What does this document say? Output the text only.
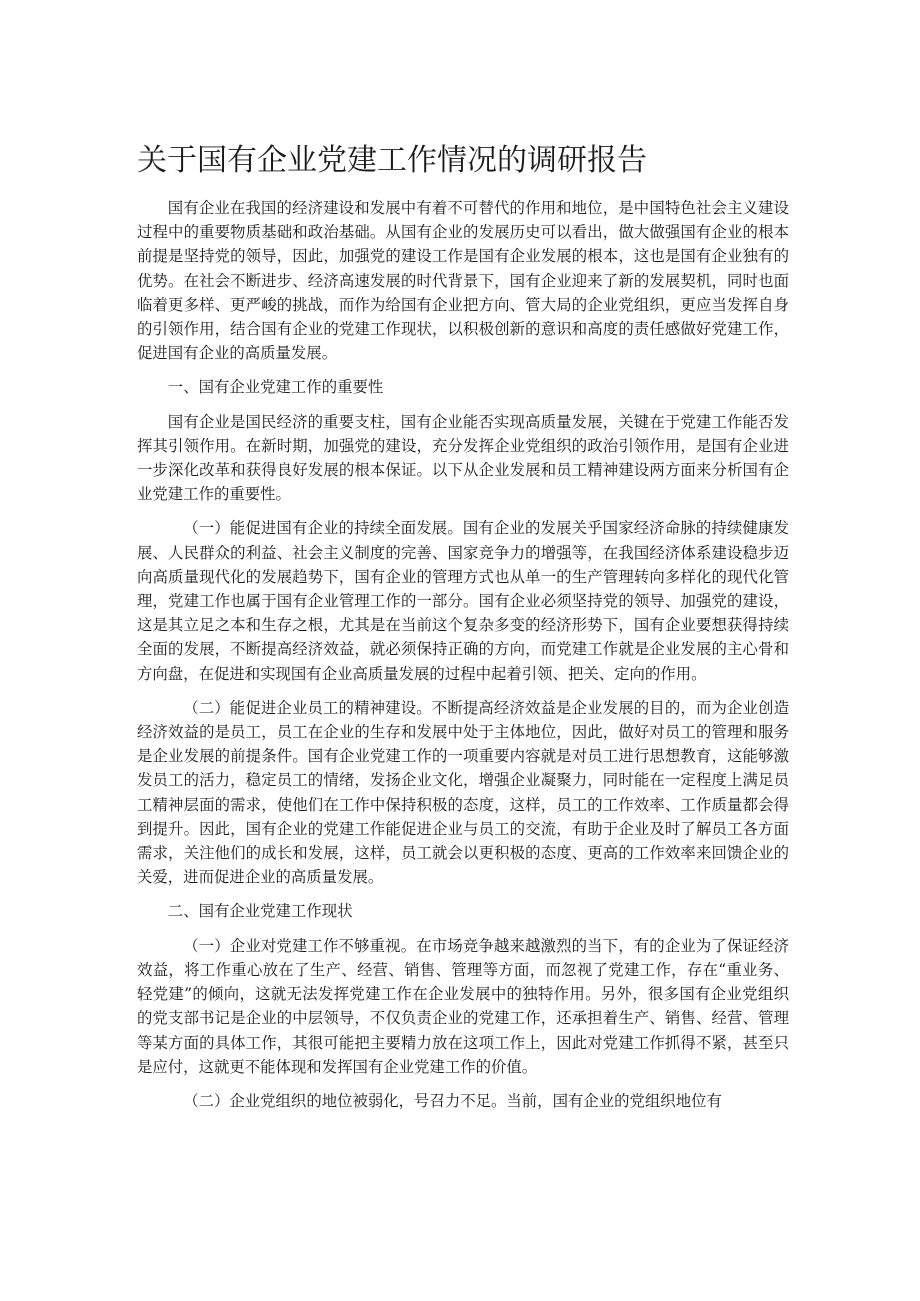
关于国有企业党建工作情况的调研报告

国有企业在我国的经济建设和发展中有着不可替代的作用和地位，是中国特色社会主义建设过程中的重要物质基础和政治基础。从国有企业的发展历史可以看出，做大做强国有企业的根本前提是坚持党的领导，因此，加强党的建设工作是国有企业发展的根本，这也是国有企业独有的优势。在社会不断进步、经济高速发展的时代背景下，国有企业迎来了新的发展契机，同时也面临着更多样、更严峻的挑战，而作为给国有企业把方向、管大局的企业党组织，更应当发挥自身的引领作用，结合国有企业的党建工作现状，以积极创新的意识和高度的责任感做好党建工作，促进国有企业的高质量发展。

一、国有企业党建工作的重要性

国有企业是国民经济的重要支柱，国有企业能否实现高质量发展，关键在于党建工作能否发挥其引领作用。在新时期，加强党的建设，充分发挥企业党组织的政治引领作用，是国有企业进一步深化改革和获得良好发展的根本保证。以下从企业发展和员工精神建设两方面来分析国有企业党建工作的重要性。

（一）能促进国有企业的持续全面发展。国有企业的发展关乎国家经济命脉的持续健康发展、人民群众的利益、社会主义制度的完善、国家竞争力的增强等，在我国经济体系建设稳步迈向高质量现代化的发展趋势下，国有企业的管理方式也从单一的生产管理转向多样化的现代化管理，党建工作也属于国有企业管理工作的一部分。国有企业必须坚持党的领导、加强党的建设，这是其立足之本和生存之根，尤其是在当前这个复杂多变的经济形势下，国有企业要想获得持续全面的发展，不断提高经济效益，就必须保持正确的方向，而党建工作就是企业发展的主心骨和方向盘，在促进和实现国有企业高质量发展的过程中起着引领、把关、定向的作用。

（二）能促进企业员工的精神建设。不断提高经济效益是企业发展的目的，而为企业创造经济效益的是员工，员工在企业的生存和发展中处于主体地位，因此，做好对员工的管理和服务是企业发展的前提条件。国有企业党建工作的一项重要内容就是对员工进行思想教育，这能够激发员工的活力，稳定员工的情绪，发扬企业文化，增强企业凝聚力，同时能在一定程度上满足员工精神层面的需求，使他们在工作中保持积极的态度，这样，员工的工作效率、工作质量都会得到提升。因此，国有企业的党建工作能促进企业与员工的交流，有助于企业及时了解员工各方面需求，关注他们的成长和发展，这样，员工就会以更积极的态度、更高的工作效率来回馈企业的关爱，进而促进企业的高质量发展。

二、国有企业党建工作现状

（一）企业对党建工作不够重视。在市场竞争越来越激烈的当下，有的企业为了保证经济效益，将工作重心放在了生产、经营、销售、管理等方面，而忽视了党建工作，存在“重业务、轻党建”的倾向，这就无法发挥党建工作在企业发展中的独特作用。另外，很多国有企业党组织的党支部书记是企业的中层领导，不仅负责企业的党建工作，还承担着生产、销售、经营、管理等某方面的具体工作，其很可能把主要精力放在这项工作上，因此对党建工作抓得不紧，甚至只是应付，这就更不能体现和发挥国有企业党建工作的价值。

（二）企业党组织的地位被弱化，号召力不足。当前，国有企业的党组织地位有
